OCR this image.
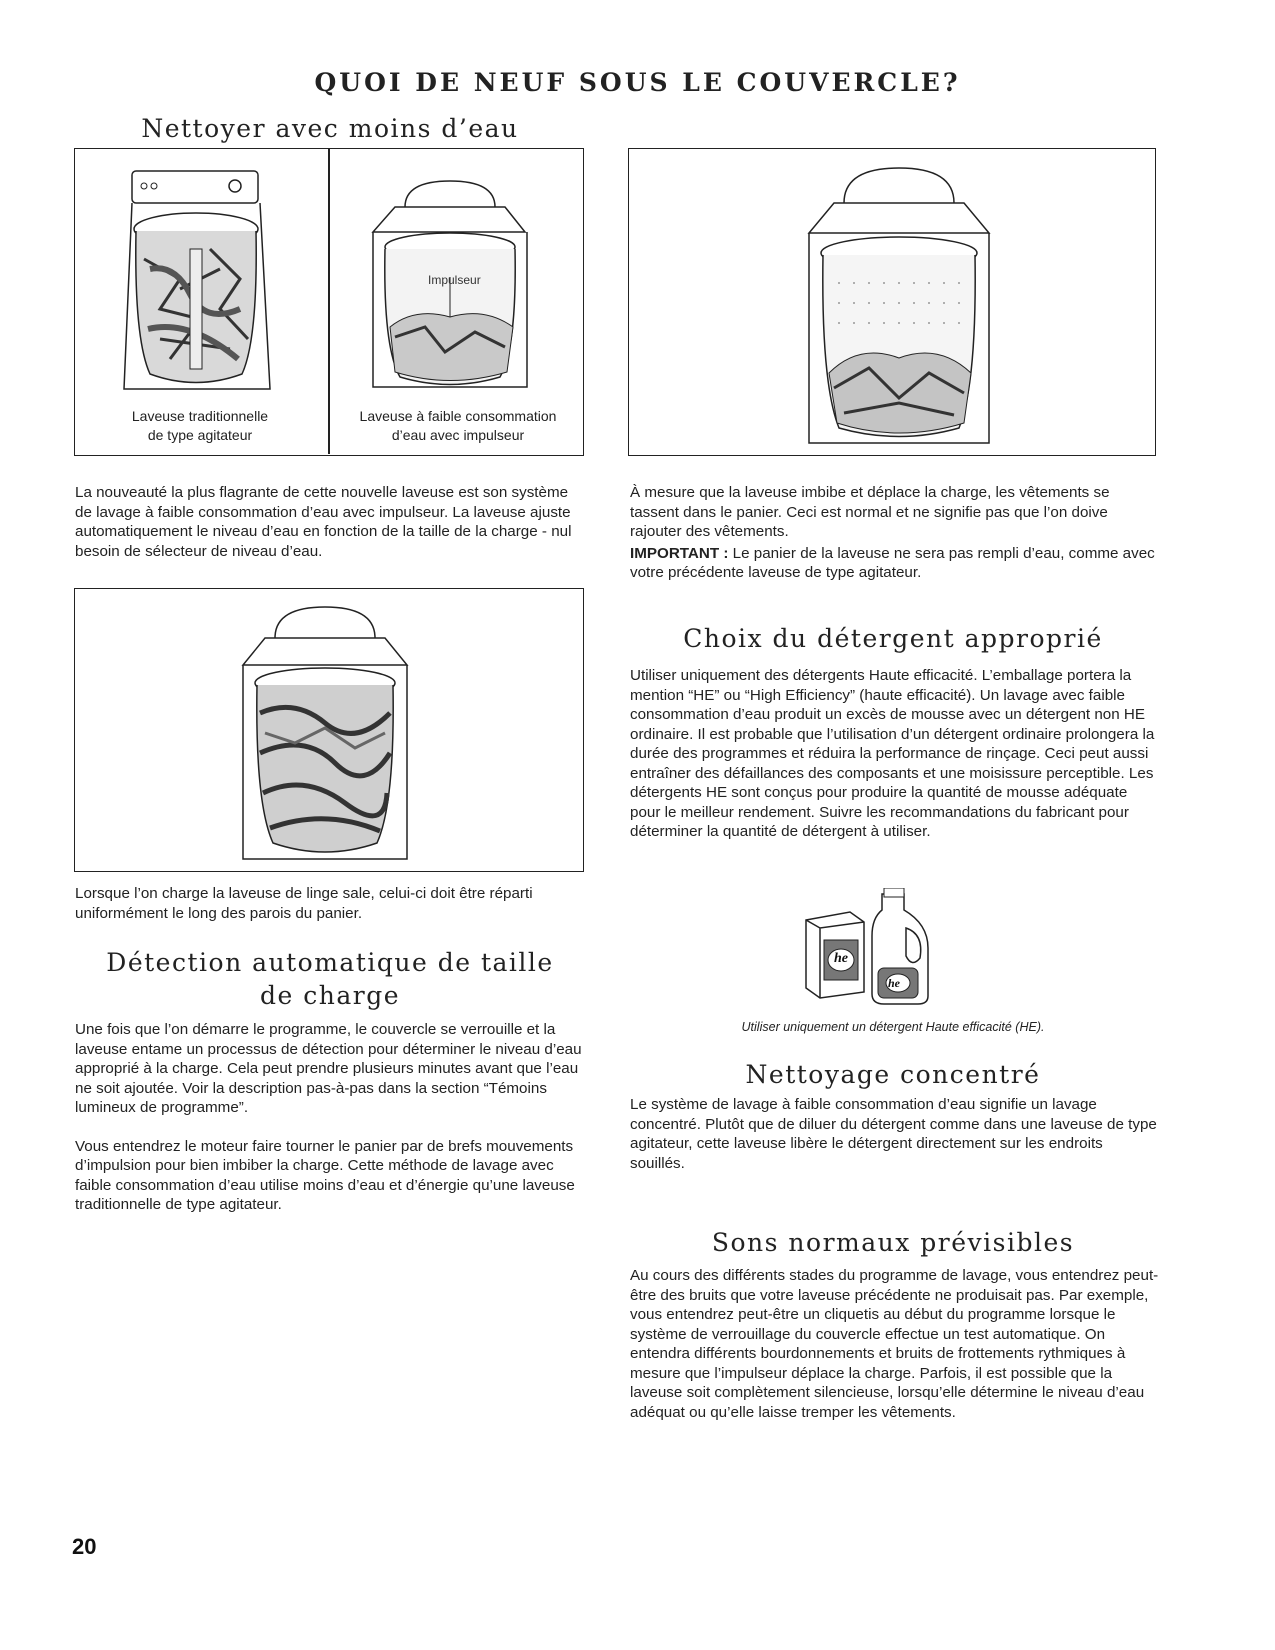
QUOI DE NEUF SOUS LE COUVERCLE?
Nettoyer avec moins d’eau
Laveuse traditionnelle
de type agitateur
Impulseur
Laveuse à faible consommation
d’eau avec impulseur
La nouveauté la plus flagrante de cette nouvelle laveuse est son système de lavage à faible consommation d’eau avec impulseur. La laveuse ajuste automatiquement le niveau d’eau en fonction de la taille de la charge - nul besoin de sélecteur de niveau d’eau.

À mesure que la laveuse imbibe et déplace la charge, les vêtements se tassent dans le panier. Ceci est normal et ne signifie pas que l’on doive rajouter des vêtements.

IMPORTANT : Le panier de la laveuse ne sera pas rempli d’eau, comme avec votre précédente laveuse de type agitateur.

Lorsque l’on charge la laveuse de linge sale, celui-ci doit être réparti uniformément le long des parois du panier.
Détection automatique de taille
de charge

Une fois que l’on démarre le programme, le couvercle se verrouille et la laveuse entame un processus de détection pour déterminer le niveau d’eau approprié à la charge. Cela peut prendre plusieurs minutes avant que l’eau ne soit ajoutée. Voir la description pas-à-pas dans la section “Témoins lumineux de programme”.

Vous entendrez le moteur faire tourner le panier par de brefs mouvements d’impulsion pour bien imbiber la charge. Cette méthode de lavage avec faible consommation d’eau utilise moins d’eau et d’énergie qu’une laveuse traditionnelle de type agitateur.

Choix du détergent approprié
Utiliser uniquement des détergents Haute efficacité. L’emballage portera la mention “HE” ou “High Efficiency” (haute efficacité). Un lavage avec faible consommation d’eau produit un excès de mousse avec un détergent non HE ordinaire. Il est probable que l’utilisation d’un détergent ordinaire prolongera la durée des programmes et réduira la performance de rinçage. Ceci peut aussi entraîner des défaillances des composants et une moisissure perceptible. Les détergents HE sont conçus pour produire la quantité de mousse adéquate pour le meilleur rendement. Suivre les recommandations du fabricant pour déterminer la quantité de détergent à utiliser.
he
he
Utiliser uniquement un détergent Haute efficacité (HE).
Nettoyage concentré
Le système de lavage à faible consommation d’eau signifie un lavage concentré. Plutôt que de diluer du détergent comme dans une laveuse de type agitateur, cette laveuse libère le détergent directement sur les endroits souillés.
Sons normaux prévisibles
Au cours des différents stades du programme de lavage, vous entendrez peut-être des bruits que votre laveuse précédente ne produisait pas. Par exemple, vous entendrez peut-être un cliquetis au début du programme lorsque le système de verrouillage du couvercle effectue un test automatique. On entendra différents bourdonnements et bruits de frottements rythmiques à mesure que l’impulseur déplace la charge. Parfois, il est possible que la laveuse soit complètement silencieuse, lorsqu’elle détermine le niveau d’eau adéquat ou qu’elle laisse tremper les vêtements.
20
